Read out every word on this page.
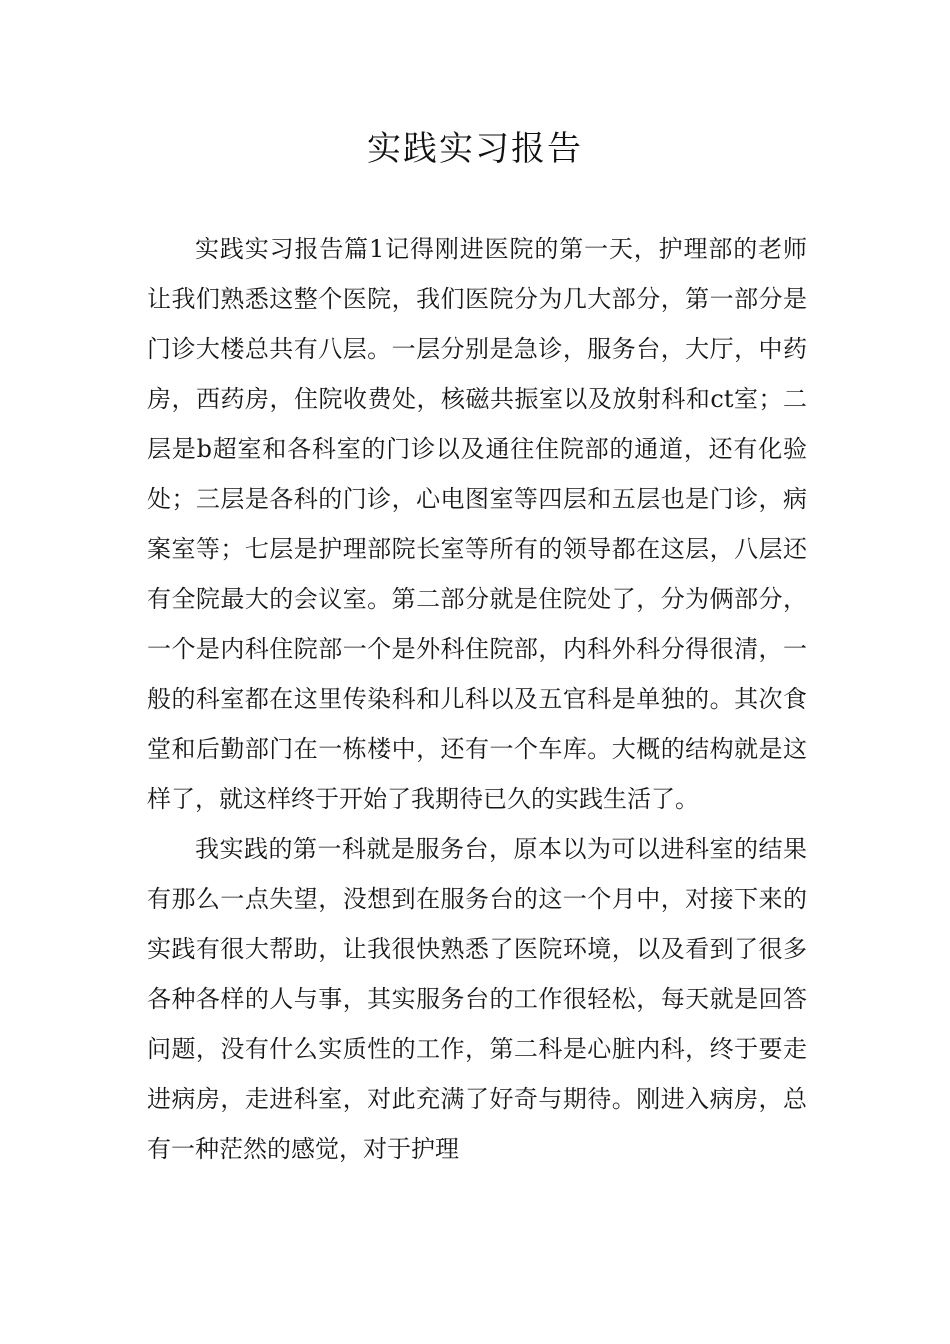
实践实习报告

实践实习报告篇1记得刚进医院的第一天，护理部的老师让我们熟悉这整个医院，我们医院分为几大部分，第一部分是门诊大楼总共有八层。一层分别是急诊，服务台，大厅，中药房，西药房，住院收费处，核磁共振室以及放射科和ct室；二层是b超室和各科室的门诊以及通往住院部的通道，还有化验处；三层是各科的门诊，心电图室等四层和五层也是门诊，病案室等；七层是护理部院长室等所有的领导都在这层，八层还有全院最大的会议室。第二部分就是住院处了，分为俩部分，一个是内科住院部一个是外科住院部，内科外科分得很清，一般的科室都在这里传染科和儿科以及五官科是单独的。其次食堂和后勤部门在一栋楼中，还有一个车库。大概的结构就是这样了，就这样终于开始了我期待已久的实践生活了。

我实践的第一科就是服务台，原本以为可以进科室的结果有那么一点失望，没想到在服务台的这一个月中，对接下来的实践有很大帮助，让我很快熟悉了医院环境，以及看到了很多各种各样的人与事，其实服务台的工作很轻松，每天就是回答问题，没有什么实质性的工作，第二科是心脏内科，终于要走进病房，走进科室，对此充满了好奇与期待。刚进入病房，总有一种茫然的感觉，对于护理
